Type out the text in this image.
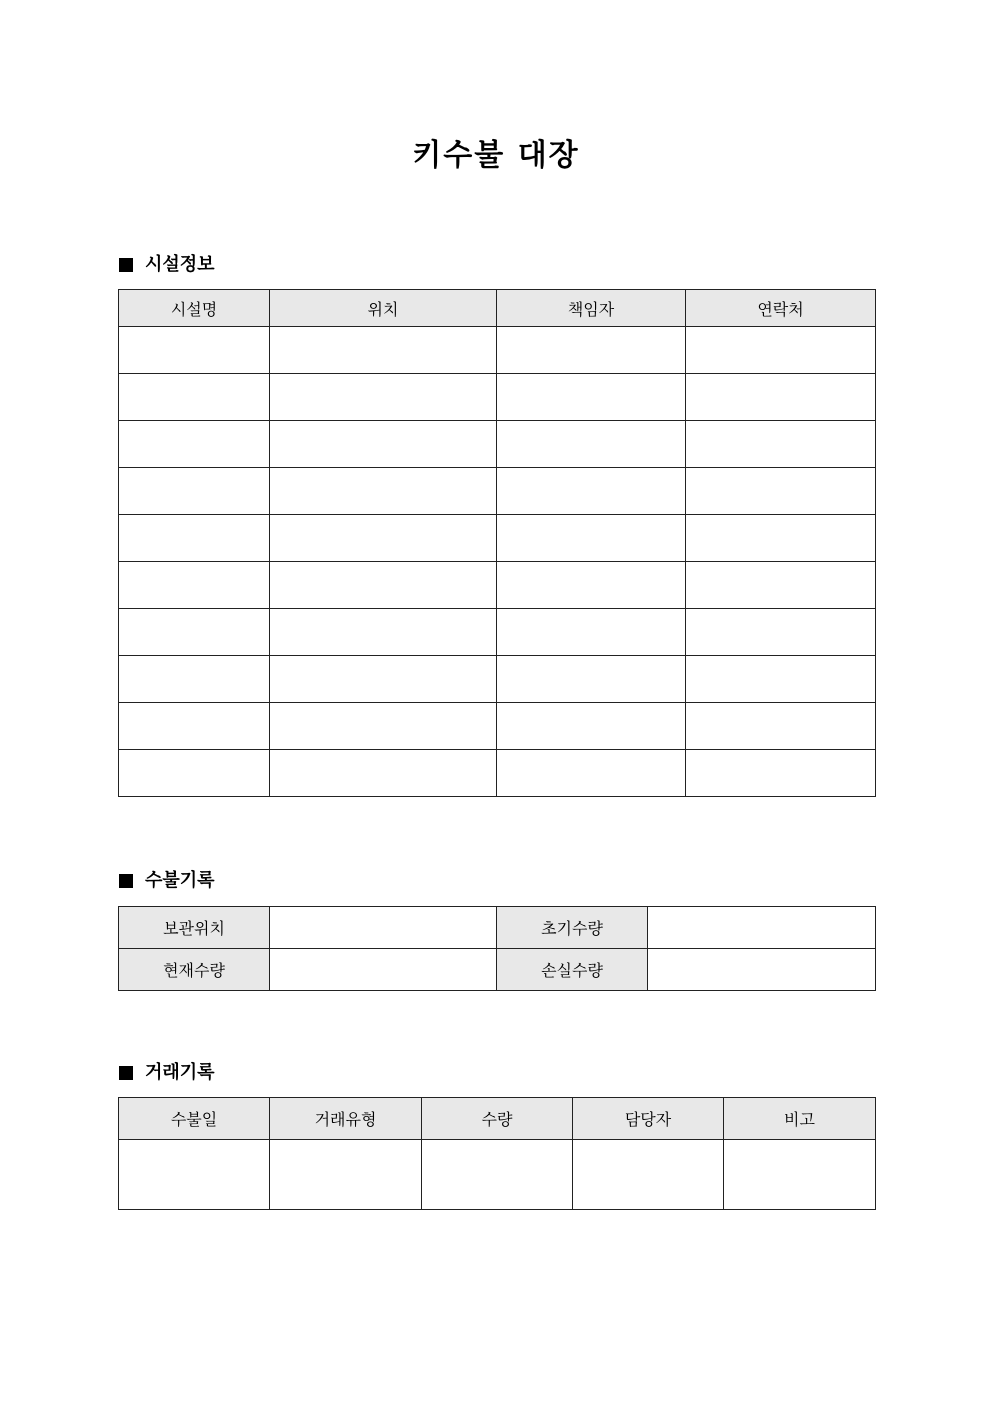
키수불 대장
시설정보
시설명	위치	책임자	연락처

수불기록
보관위치		초기수량	
현재수량		손실수량	
거래기록
수불일	거래유형	수량	담당자	비고
